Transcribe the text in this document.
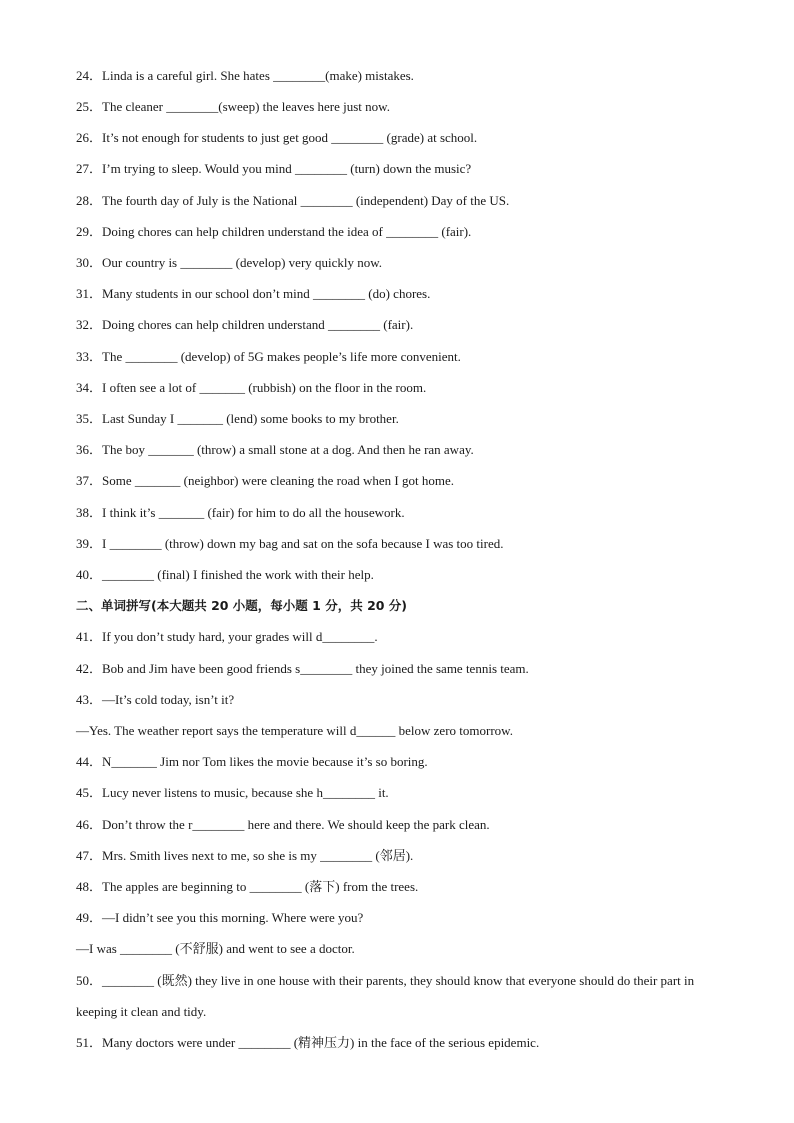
24．Linda is a careful girl. She hates ________(make) mistakes.
25．The cleaner ________(sweep) the leaves here just now.
26．It’s not enough for students to just get good ________ (grade) at school.
27．I’m trying to sleep. Would you mind ________ (turn) down the music?
28．The fourth day of July is the National ________ (independent) Day of the US.
29．Doing chores can help children understand the idea of ________ (fair).
30．Our country is ________ (develop) very quickly now.
31．Many students in our school don’t mind ________ (do) chores.
32．Doing chores can help children understand ________ (fair).
33．The ________ (develop) of 5G makes people’s life more convenient.
34．I often see a lot of _______ (rubbish) on the floor in the room.
35．Last Sunday I _______ (lend) some books to my brother.
36．The boy _______ (throw) a small stone at a dog. And then he ran away.
37．Some _______ (neighbor) were cleaning the road when I got home.
38．I think it’s _______ (fair) for him to do all the housework.
39．I ________ (throw) down my bag and sat on the sofa because I was too tired.
40．________ (final) I finished the work with their help.
二、单词拼写(本大题共 20 小题，每小题 1 分，共 20 分)
41．If you don’t study hard, your grades will d________.
42．Bob and Jim have been good friends s________ they joined the same tennis team.
43．—It’s cold today, isn’t it?
—Yes. The weather report says the temperature will d______ below zero tomorrow.
44．N_______ Jim nor Tom likes the movie because it’s so boring.
45．Lucy never listens to music, because she h________ it.
46．Don’t throw the r________ here and there. We should keep the park clean.
47．Mrs. Smith lives next to me, so she is my ________ (邻居).
48．The apples are beginning to ________ (落下) from the trees.
49．—I didn’t see you this morning. Where were you?
—I was ________ (不舒服) and went to see a doctor.
50．________ (既然) they live in one house with their parents, they should know that everyone should do their part in keeping it clean and tidy.
51．Many doctors were under ________ (精神压力) in the face of the serious epidemic.
